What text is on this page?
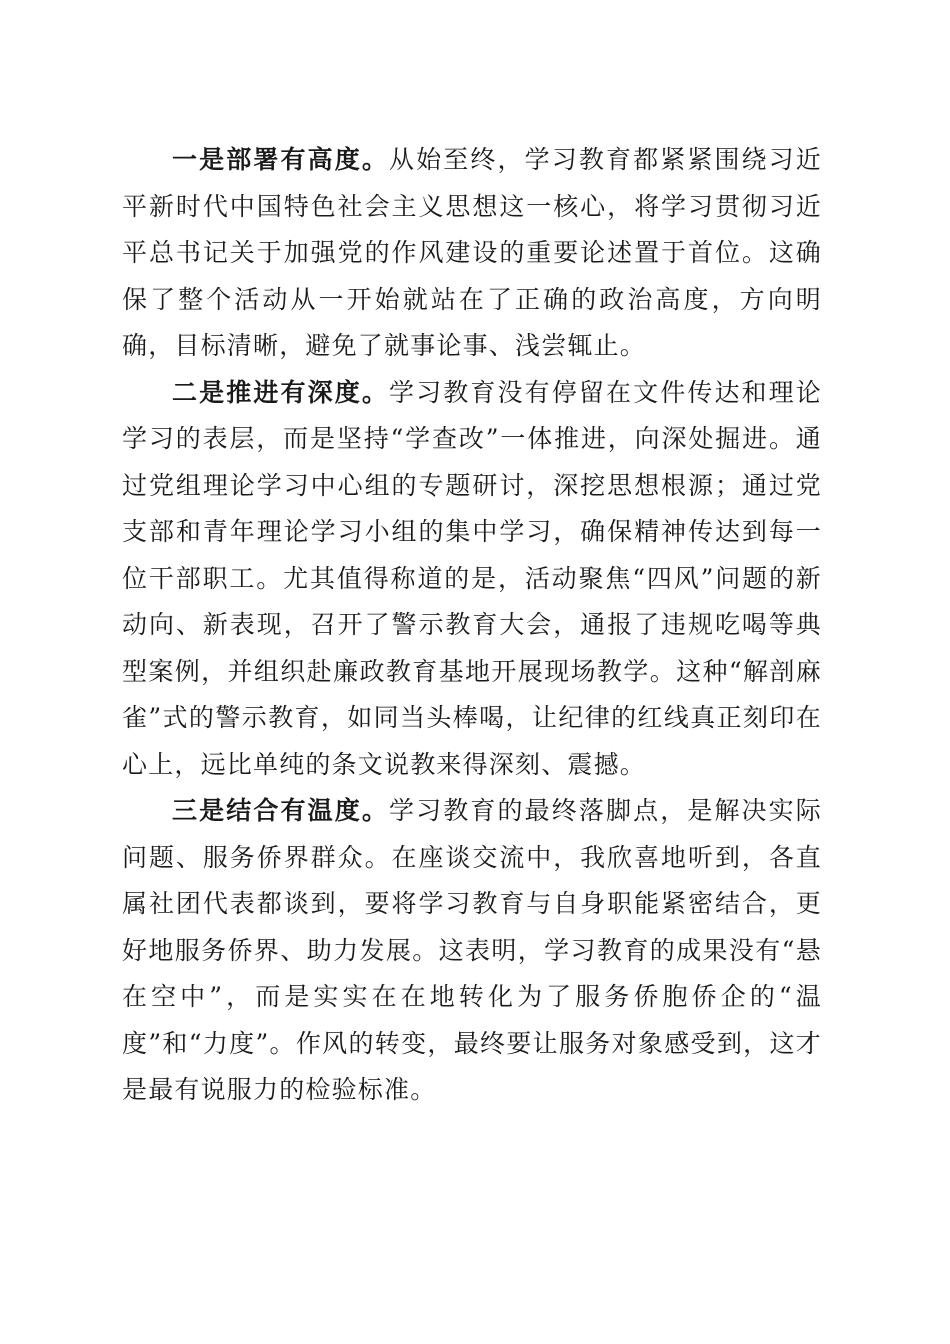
一是部署有高度。从始至终，学习教育都紧紧围绕习近平新时代中国特色社会主义思想这一核心，将学习贯彻习近平总书记关于加强党的作风建设的重要论述置于首位。这确保了整个活动从一开始就站在了正确的政治高度，方向明确，目标清晰，避免了就事论事、浅尝辄止。

二是推进有深度。学习教育没有停留在文件传达和理论学习的表层，而是坚持“学查改”一体推进，向深处掘进。通过党组理论学习中心组的专题研讨，深挖思想根源；通过党支部和青年理论学习小组的集中学习，确保精神传达到每一位干部职工。尤其值得称道的是，活动聚焦“四风”问题的新动向、新表现，召开了警示教育大会，通报了违规吃喝等典型案例，并组织赴廉政教育基地开展现场教学。这种“解剖麻雀”式的警示教育，如同当头棒喝，让纪律的红线真正刻印在心上，远比单纯的条文说教来得深刻、震撼。

三是结合有温度。学习教育的最终落脚点，是解决实际问题、服务侨界群众。在座谈交流中，我欣喜地听到，各直属社团代表都谈到，要将学习教育与自身职能紧密结合，更好地服务侨界、助力发展。这表明，学习教育的成果没有“悬在空中”，而是实实在在地转化为了服务侨胞侨企的“温度”和“力度”。作风的转变，最终要让服务对象感受到，这才是最有说服力的检验标准。
